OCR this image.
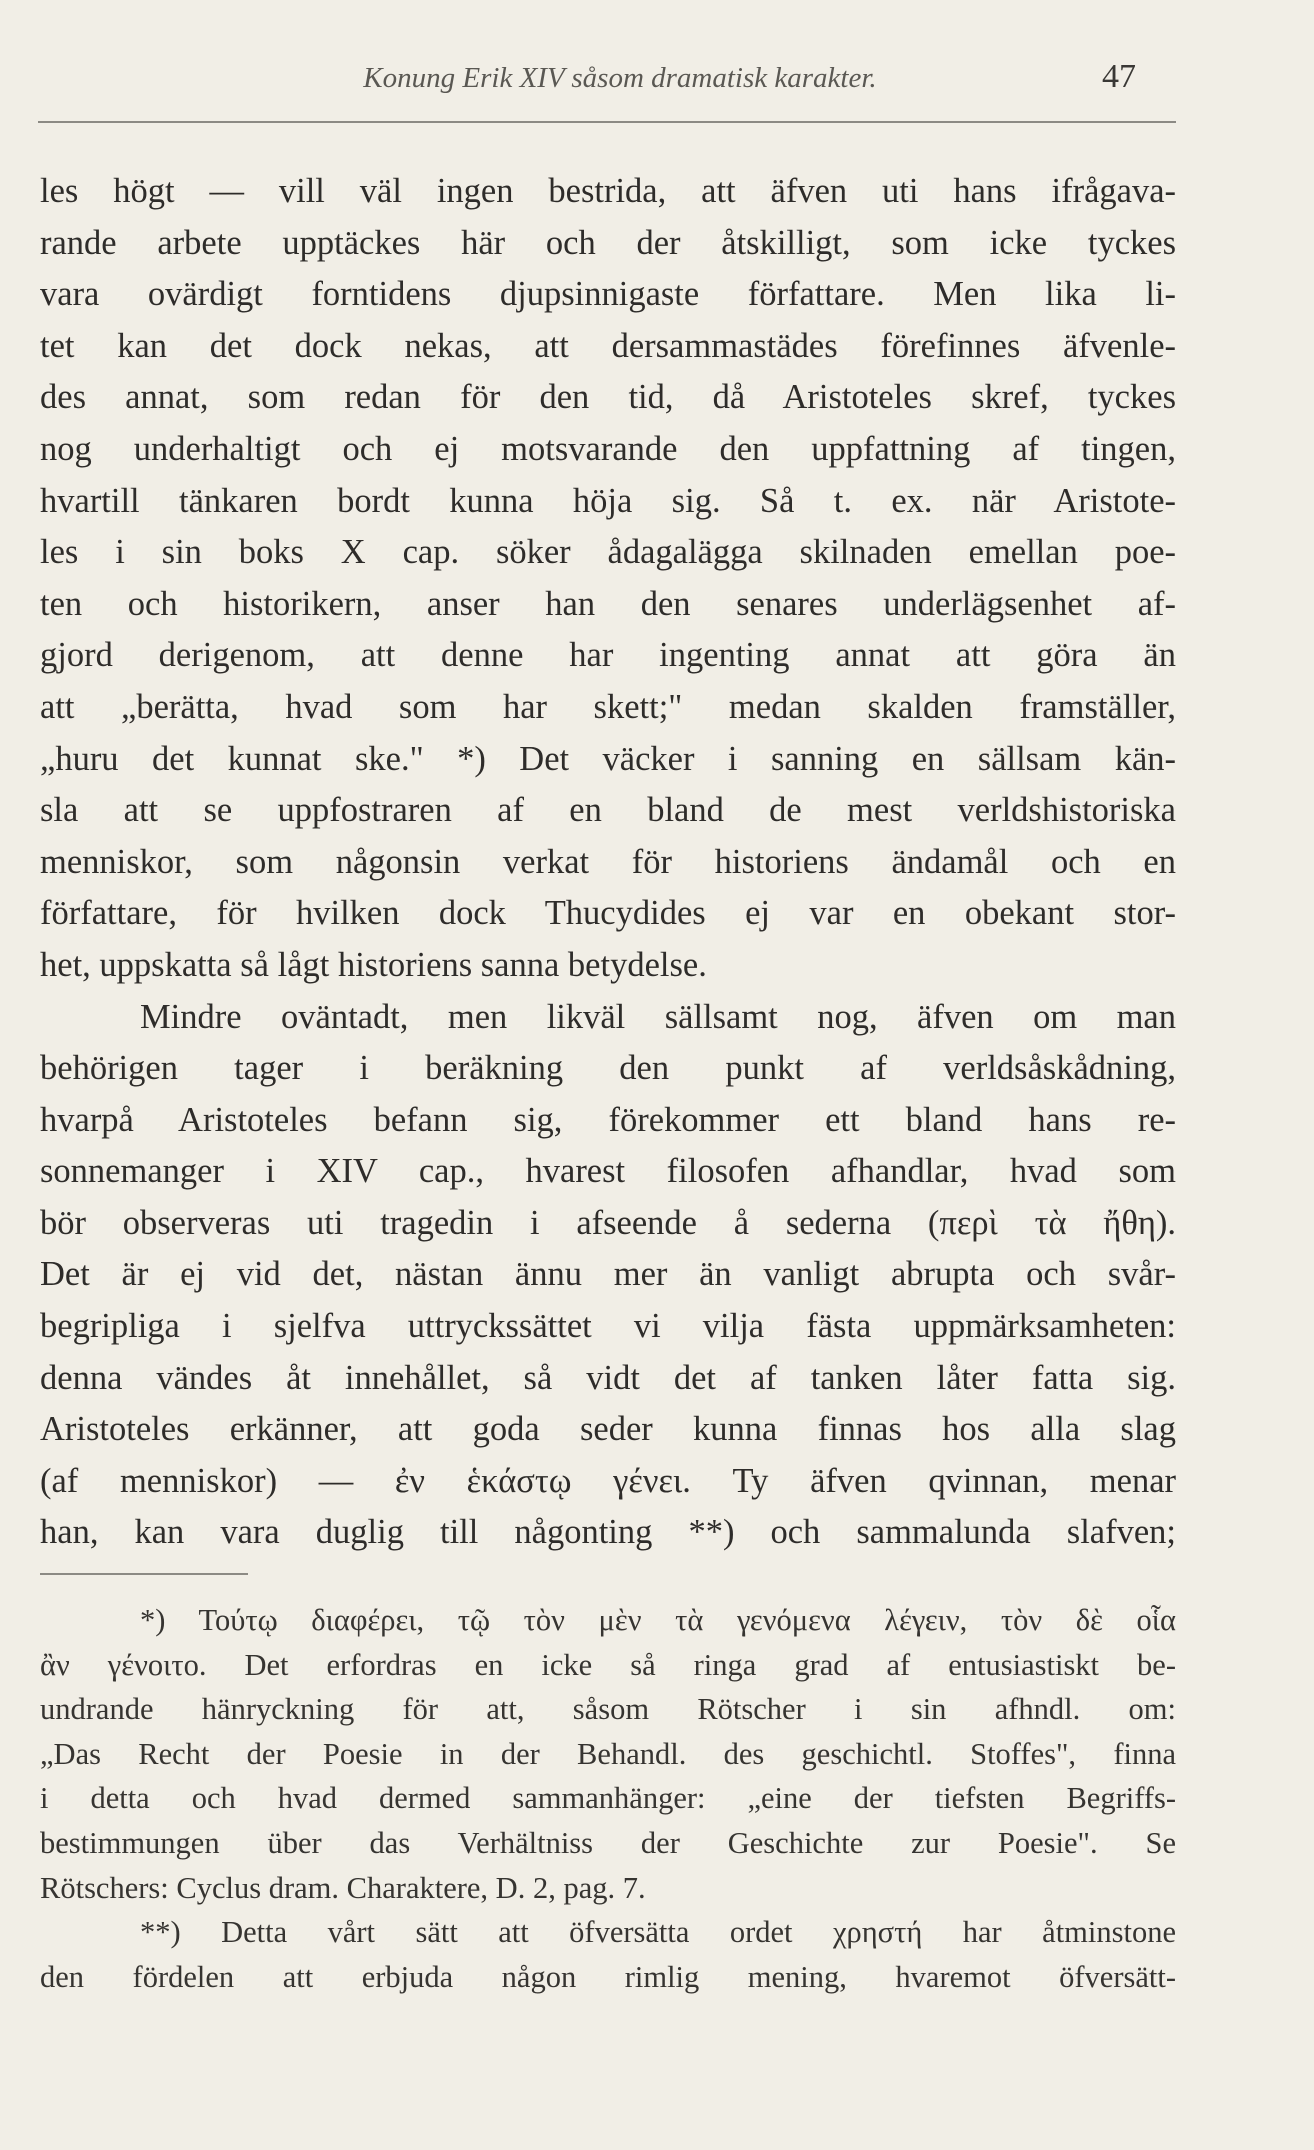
Konung Erik XIV såsom dramatisk karakter.	47
les högt — vill väl ingen bestrida, att äfven uti hans ifrågava-
rande arbete upptäckes här och der åtskilligt, som icke tyckes
vara ovärdigt forntidens djupsinnigaste författare. Men lika li-
tet kan det dock nekas, att dersammastädes förefinnes äfvenle-
des annat, som redan för den tid, då Aristoteles skref, tyckes
nog underhaltigt och ej motsvarande den uppfattning af tingen,
hvartill tänkaren bordt kunna höja sig. Så t. ex. när Aristote-
les i sin boks X cap. söker ådagalägga skilnaden emellan poe-
ten och historikern, anser han den senares underlägsenhet af-
gjord derigenom, att denne har ingenting annat att göra än
att „berätta, hvad som har skett;" medan skalden framställer,
„huru det kunnat ske." *) Det väcker i sanning en sällsam kän-
sla att se uppfostraren af en bland de mest verldshistoriska
menniskor, som någonsin verkat för historiens ändamål och en
författare, för hvilken dock Thucydides ej var en obekant stor-
het, uppskatta så lågt historiens sanna betydelse.
Mindre oväntadt, men likväl sällsamt nog, äfven om man
behörigen tager i beräkning den punkt af verldsåskådning,
hvarpå Aristoteles befann sig, förekommer ett bland hans re-
sonnemanger i XIV cap., hvarest filosofen afhandlar, hvad som
bör observeras uti tragedin i afseende å sederna (περὶ τὰ ἤθη).
Det är ej vid det, nästan ännu mer än vanligt abrupta och svår-
begripliga i sjelfva uttryckssättet vi vilja fästa uppmärksamheten:
denna vändes åt innehållet, så vidt det af tanken låter fatta sig.
Aristoteles erkänner, att goda seder kunna finnas hos alla slag
(af menniskor) — ἐν ἑκάστῳ γένει. Ty äfven qvinnan, menar
han, kan vara duglig till någonting **) och sammalunda slafven;
*) Τούτῳ διαφέρει, τῷ τὸν μὲν τὰ γενόμενα λέγειν, τὸν δὲ οἷα
ἂν γένοιτο. Det erfordras en icke så ringa grad af entusiastiskt be-
undrande hänryckning för att, såsom Rötscher i sin afhndl. om:
„Das Recht der Poesie in der Behandl. des geschichtl. Stoffes", finna
i detta och hvad dermed sammanhänger: „eine der tiefsten Begriffs-
bestimmungen über das Verhältniss der Geschichte zur Poesie". Se
Rötschers: Cyclus dram. Charaktere, D. 2, pag. 7.
**) Detta vårt sätt att öfversätta ordet χρηστή har åtminstone
den fördelen att erbjuda någon rimlig mening, hvaremot öfversätt-
